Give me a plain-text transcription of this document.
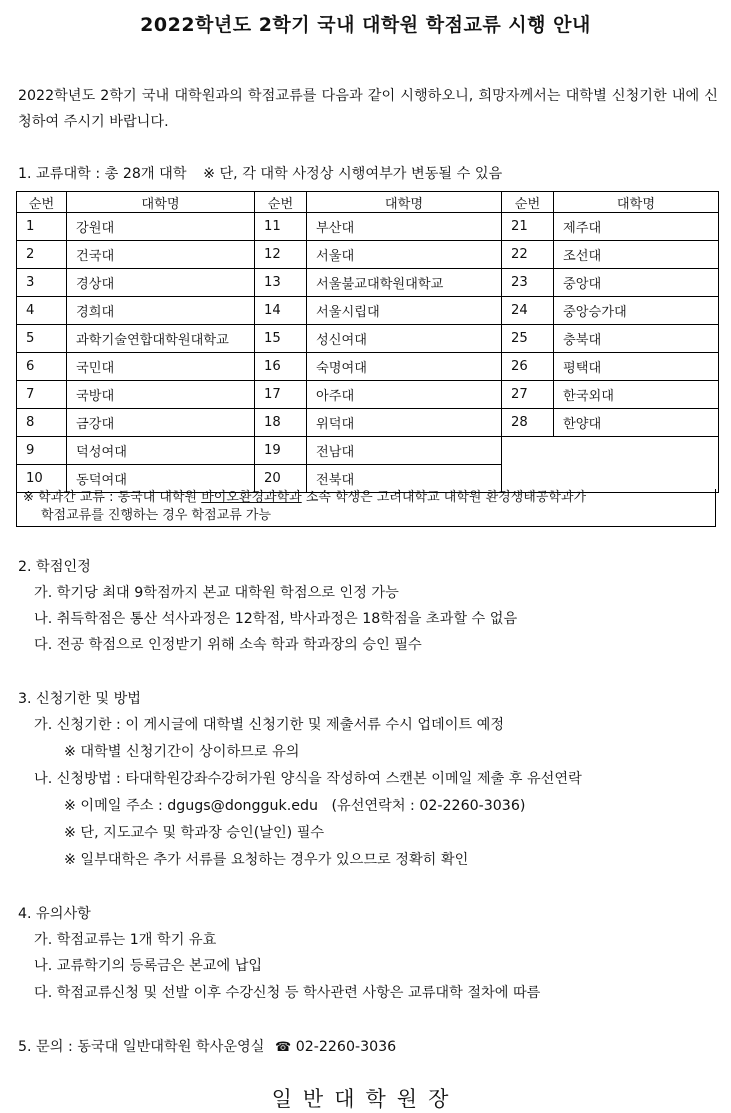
2022학년도 2학기 국내 대학원 학점교류 시행 안내
2022학년도 2학기 국내 대학원과의 학점교류를 다음과 같이 시행하오니, 희망자께서는 대학별 신청기한 내에 신청하여 주시기 바랍니다.
1. 교류대학 : 총 28개 대학 ※ 단, 각 대학 사정상 시행여부가 변동될 수 있음
순번	대학명	순번	대학명	순번	대학명
1	강원대	11	부산대	21	제주대
2	건국대	12	서울대	22	조선대
3	경상대	13	서울불교대학원대학교	23	중앙대
4	경희대	14	서울시립대	24	중앙승가대
5	과학기술연합대학원대학교	15	성신여대	25	충북대
6	국민대	16	숙명여대	26	평택대
7	국방대	17	아주대	27	한국외대
8	금강대	18	위덕대	28	한양대
9	덕성여대	19	전남대		
10	동덕여대	20	전북대		
※ 학과간 교류 : 동국대 대학원 바이오환경과학과 소속 학생은 고려대학교 대학원 환경생태공학과가
학점교류를 진행하는 경우 학점교류 가능
2. 학점인정
가. 학기당 최대 9학점까지 본교 대학원 학점으로 인정 가능
나. 취득학점은 통산 석사과정은 12학점, 박사과정은 18학점을 초과할 수 없음
다. 전공 학점으로 인정받기 위해 소속 학과 학과장의 승인 필수
3. 신청기한 및 방법
가. 신청기한 : 이 게시글에 대학별 신청기한 및 제출서류 수시 업데이트 예정
※ 대학별 신청기간이 상이하므로 유의
나. 신청방법 : 타대학원강좌수강허가원 양식을 작성하여 스캔본 이메일 제출 후 유선연락
※ 이메일 주소 : dgugs@dongguk.edu   (유선연락처 : 02-2260-3036)
※ 단, 지도교수 및 학과장 승인(날인) 필수
※ 일부대학은 추가 서류를 요청하는 경우가 있으므로 정확히 확인
4. 유의사항
가. 학점교류는 1개 학기 유효
나. 교류학기의 등록금은 본교에 납입
다. 학점교류신청 및 선발 이후 수강신청 등 학사관련 사항은 교류대학 절차에 따름
5. 문의 : 동국대 일반대학원 학사운영실 ☎ 02-2260-3036
일반대학원장
